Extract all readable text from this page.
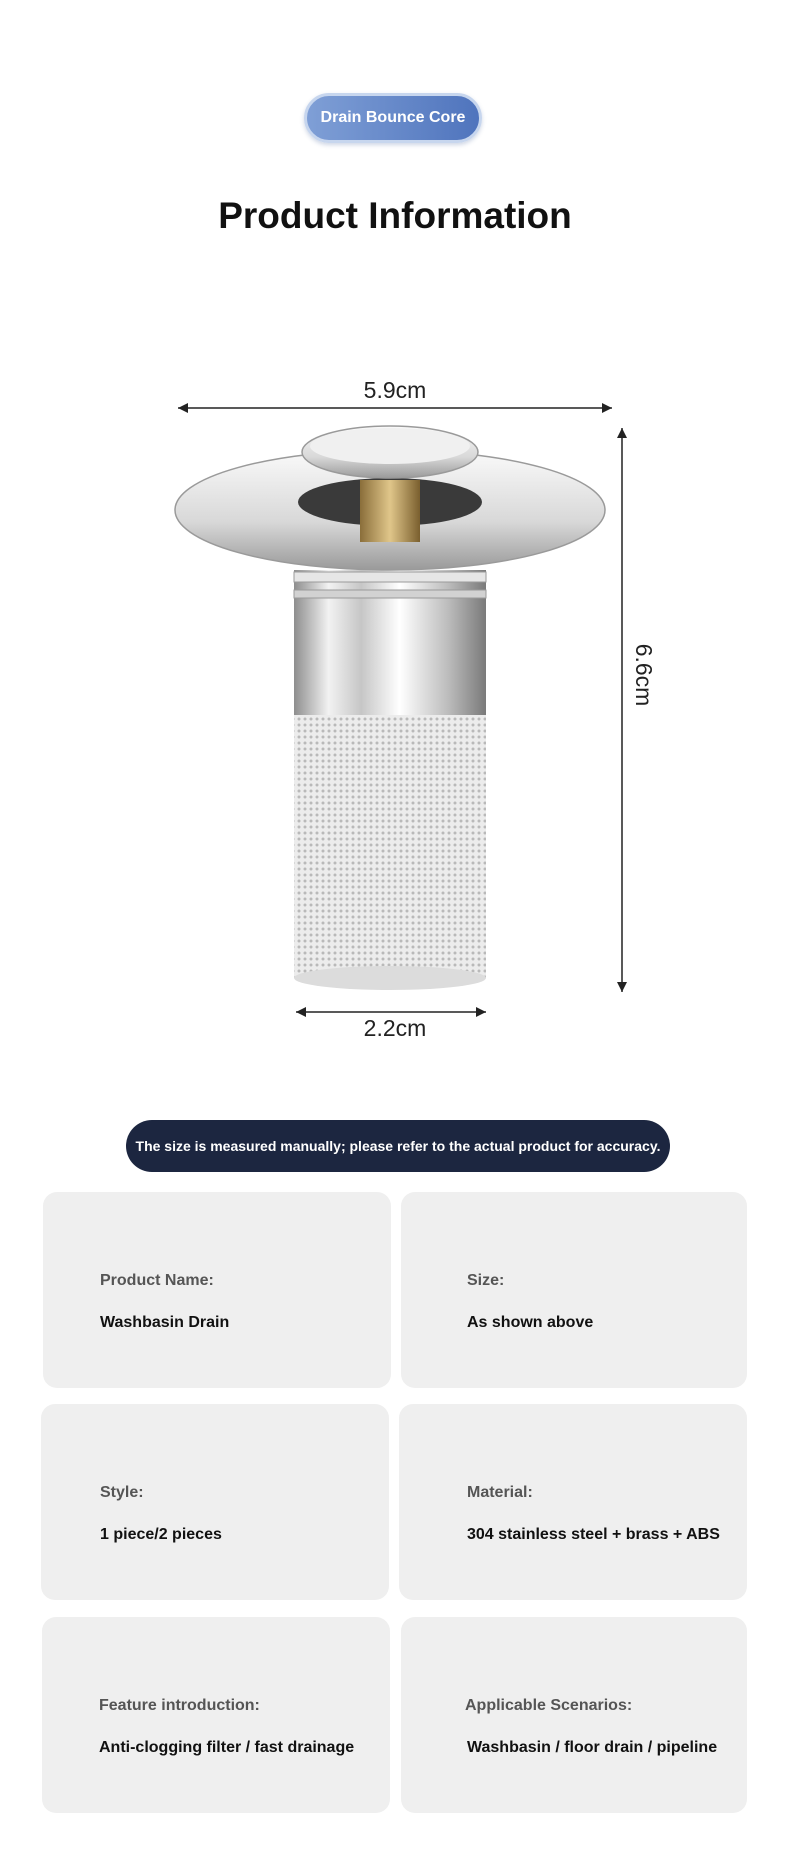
Drain Bounce Core
Product Information
5.9cm
6.6cm
2.2cm
The size is measured manually; please refer to the actual product for accuracy.
Product Name:
Washbasin Drain
Size:
As shown above
Style:
1 piece/2 pieces
Material:
304 stainless steel + brass + ABS
Feature introduction:
Anti-clogging filter / fast drainage
Applicable Scenarios:
Washbasin / floor drain / pipeline
